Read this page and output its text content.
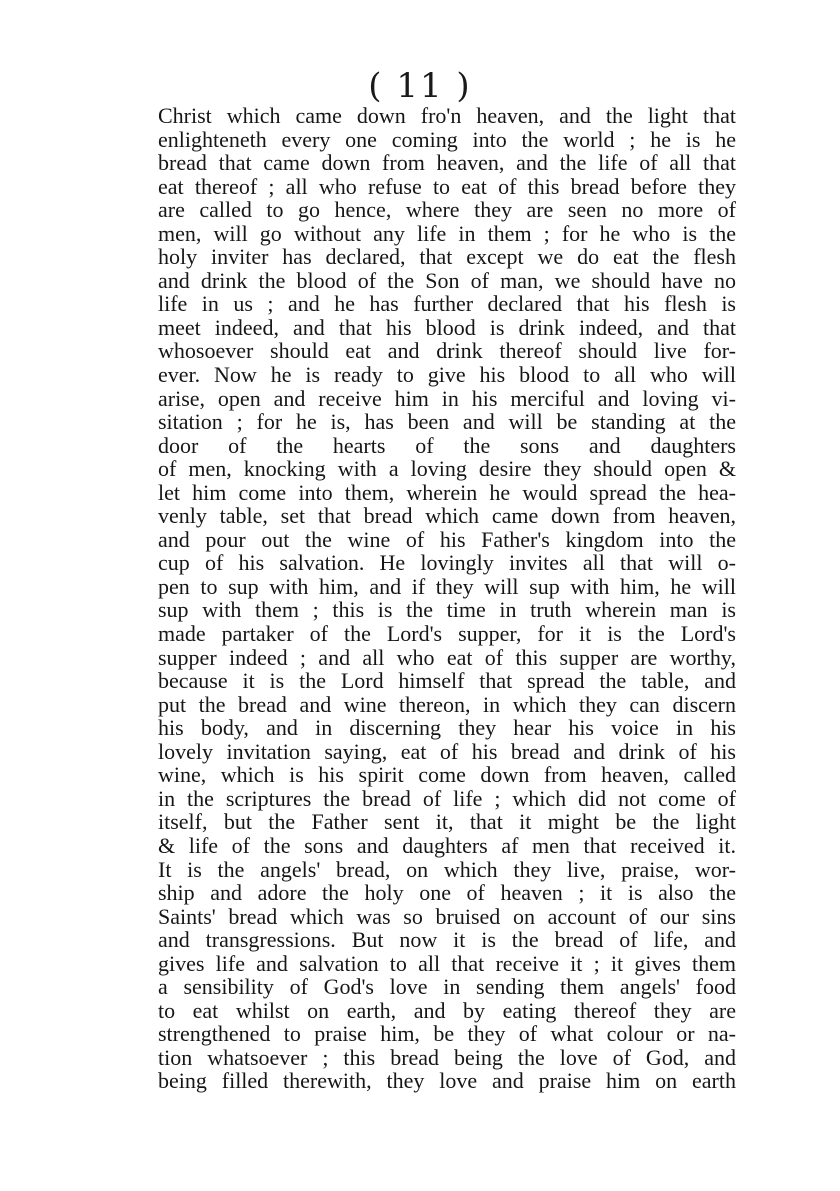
( 11 )
Christ which came down fro'n heaven, and the light that
enlighteneth every one coming into the world ; he is he
bread that came down from heaven, and the life of all that
eat thereof ; all who refuse to eat of this bread before they
are called to go hence, where they are seen no more of
men, will go without any life in them ; for he who is the
holy inviter has declared, that except we do eat the flesh
and drink the blood of the Son of man, we should have no
life in us ; and he has further declared that his flesh is
meet indeed, and that his blood is drink indeed, and that
whosoever should eat and drink thereof should live for-
ever. Now he is ready to give his blood to all who will
arise, open and receive him in his merciful and loving vi-
sitation ; for he is, has been and will be standing at the
door of the hearts of the sons and daughters
of men, knocking with a loving desire they should open &
let him come into them, wherein he would spread the hea-
venly table, set that bread which came down from heaven,
and pour out the wine of his Father's kingdom into the
cup of his salvation. He lovingly invites all that will o-
pen to sup with him, and if they will sup with him, he will
sup with them ; this is the time in truth wherein man is
made partaker of the Lord's supper, for it is the Lord's
supper indeed ; and all who eat of this supper are worthy,
because it is the Lord himself that spread the table, and
put the bread and wine thereon, in which they can discern
his body, and in discerning they hear his voice in his
lovely invitation saying, eat of his bread and drink of his
wine, which is his spirit come down from heaven, called
in the scriptures the bread of life ; which did not come of
itself, but the Father sent it, that it might be the light
& life of the sons and daughters af men that received it.
It is the angels' bread, on which they live, praise, wor-
ship and adore the holy one of heaven ; it is also the
Saints' bread which was so bruised on account of our sins
and transgressions. But now it is the bread of life, and
gives life and salvation to all that receive it ; it gives them
a sensibility of God's love in sending them angels' food
to eat whilst on earth, and by eating thereof they are
strengthened to praise him, be they of what colour or na-
tion whatsoever ; this bread being the love of God, and
being filled therewith, they love and praise him on earth
